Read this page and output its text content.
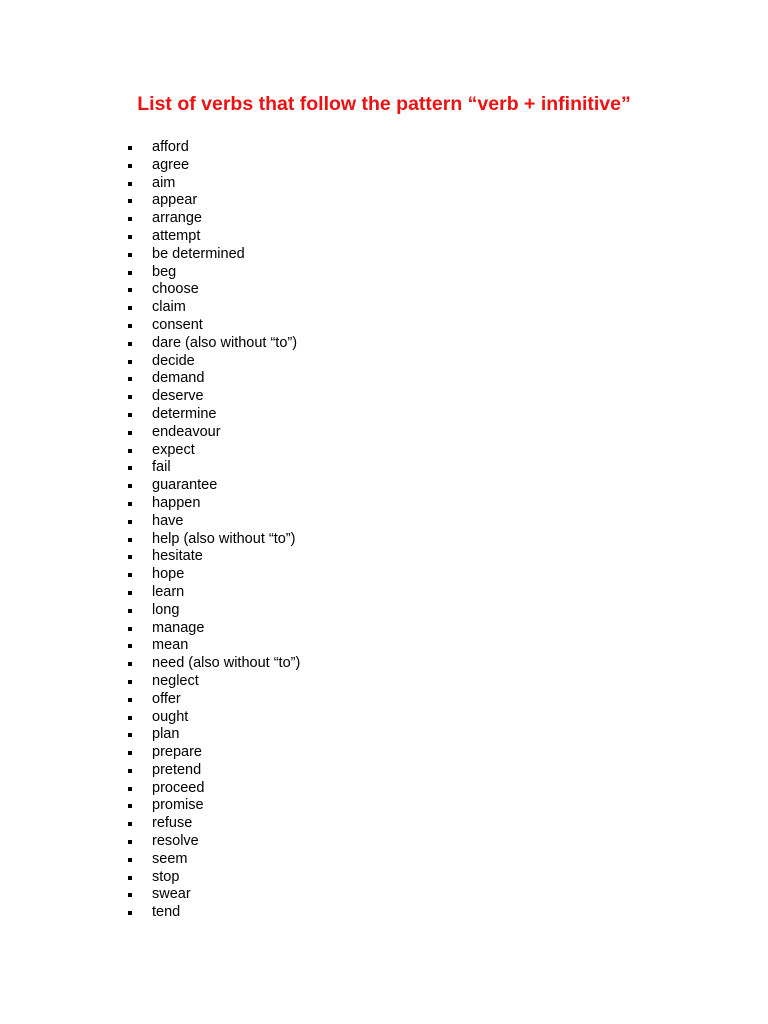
List of verbs that follow the pattern “verb + infinitive”
afford
agree
aim
appear
arrange
attempt
be determined
beg
choose
claim
consent
dare (also without “to”)
decide
demand
deserve
determine
endeavour
expect
fail
guarantee
happen
have
help (also without “to”)
hesitate
hope
learn
long
manage
mean
need (also without “to”)
neglect
offer
ought
plan
prepare
pretend
proceed
promise
refuse
resolve
seem
stop
swear
tend
